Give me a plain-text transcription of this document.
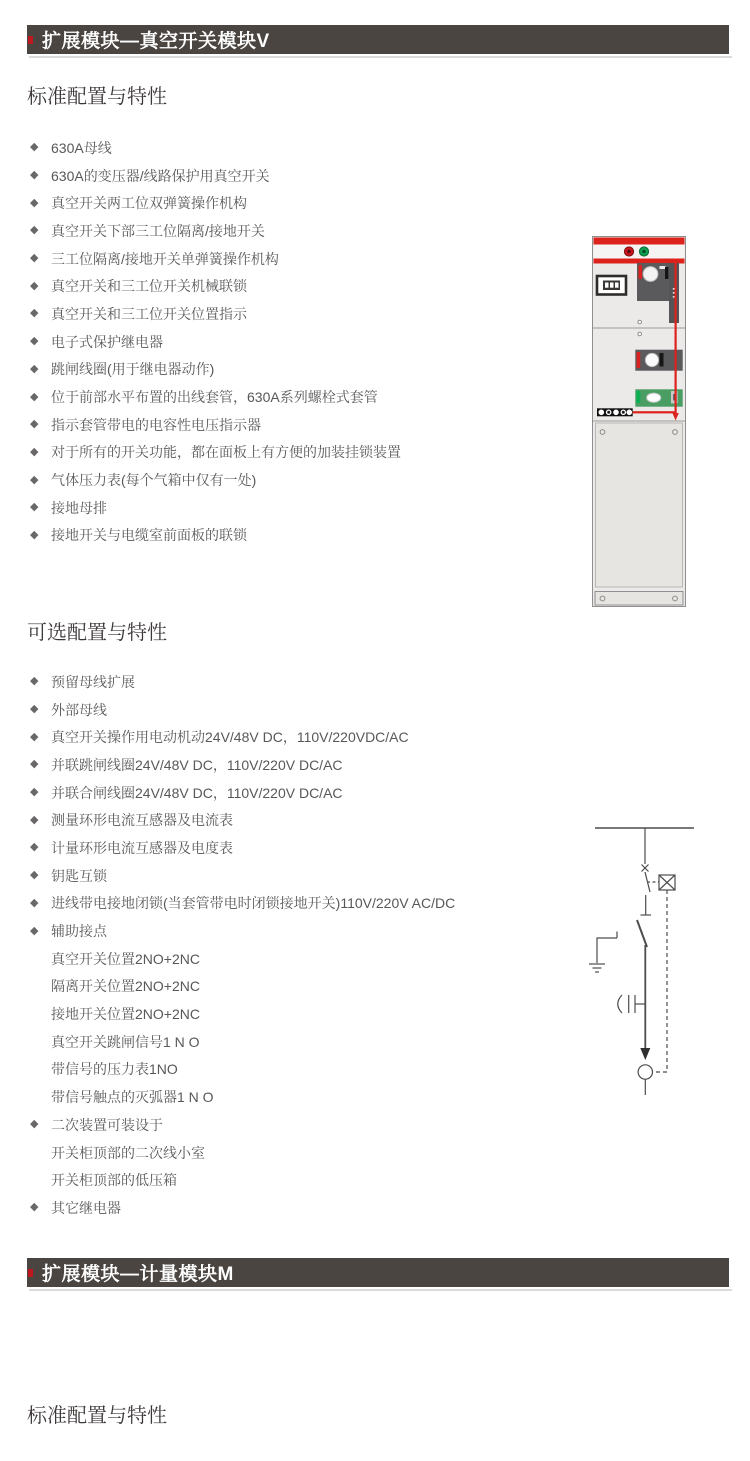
扩展模块—真空开关模块V
标准配置与特性
◆ 630A母线
◆ 630A的变压器/线路保护用真空开关
◆ 真空开关两工位双弹簧操作机构
◆ 真空开关下部三工位隔离/接地开关
◆ 三工位隔离/接地开关单弹簧操作机构
◆ 真空开关和三工位开关机械联锁
◆ 真空开关和三工位开关位置指示
◆ 电子式保护继电器
◆ 跳闸线圈(用于继电器动作)
◆ 位于前部水平布置的出线套管，630A系列螺栓式套管
◆ 指示套管带电的电容性电压指示器
◆ 对于所有的开关功能，都在面板上有方便的加装挂锁装置
◆ 气体压力表(每个气箱中仅有一处)
◆ 接地母排
◆ 接地开关与电缆室前面板的联锁
可选配置与特性
◆ 预留母线扩展
◆ 外部母线
◆ 真空开关操作用电动机动24V/48V DC，110V/220VDC/AC
◆ 并联跳闸线圈24V/48V DC，110V/220V DC/AC
◆ 并联合闸线圈24V/48V DC，110V/220V DC/AC
◆ 测量环形电流互感器及电流表
◆ 计量环形电流互感器及电度表
◆ 钥匙互锁
◆ 进线带电接地闭锁(当套管带电时闭锁接地开关)110V/220V AC/DC
◆ 辅助接点
真空开关位置2NO+2NC
隔离开关位置2NO+2NC
接地开关位置2NO+2NC
真空开关跳闸信号1 N O
带信号的压力表1NO
带信号触点的灭弧器1 N O
◆ 二次装置可装设于
开关柜顶部的二次线小室
开关柜顶部的低压箱
◆ 其它继电器
扩展模块—计量模块M
标准配置与特性
